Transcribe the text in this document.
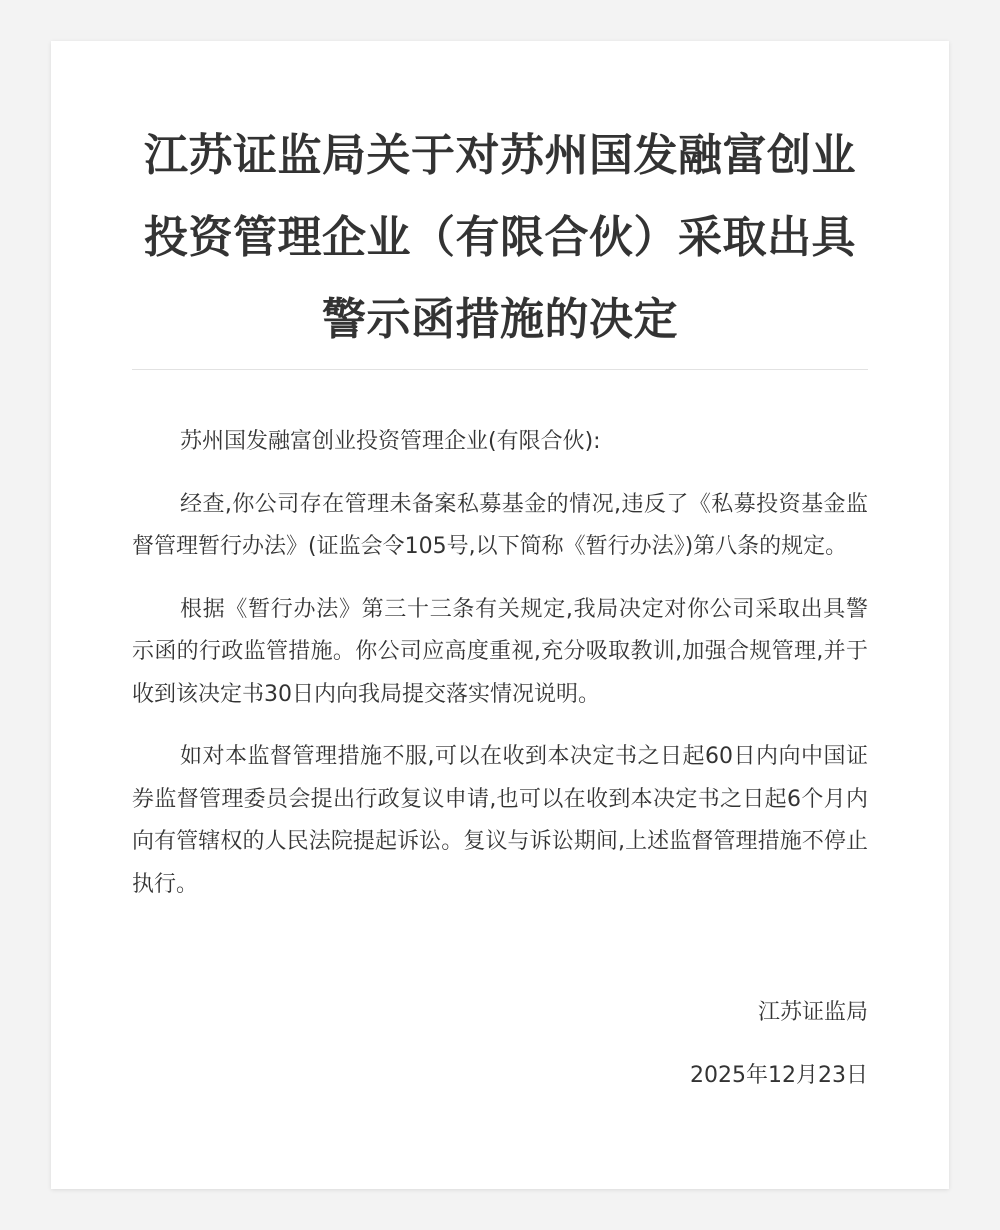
江苏证监局关于对苏州国发融富创业投资管理企业（有限合伙）采取出具警示函措施的决定

苏州国发融富创业投资管理企业(有限合伙):

经查,你公司存在管理未备案私募基金的情况,违反了《私募投资基金监督管理暂行办法》(证监会令105号,以下简称《暂行办法》)第八条的规定。

根据《暂行办法》第三十三条有关规定,我局决定对你公司采取出具警示函的行政监管措施。你公司应高度重视,充分吸取教训,加强合规管理,并于收到该决定书30日内向我局提交落实情况说明。

如对本监督管理措施不服,可以在收到本决定书之日起60日内向中国证券监督管理委员会提出行政复议申请,也可以在收到本决定书之日起6个月内向有管辖权的人民法院提起诉讼。复议与诉讼期间,上述监督管理措施不停止执行。

江苏证监局
2025年12月23日
